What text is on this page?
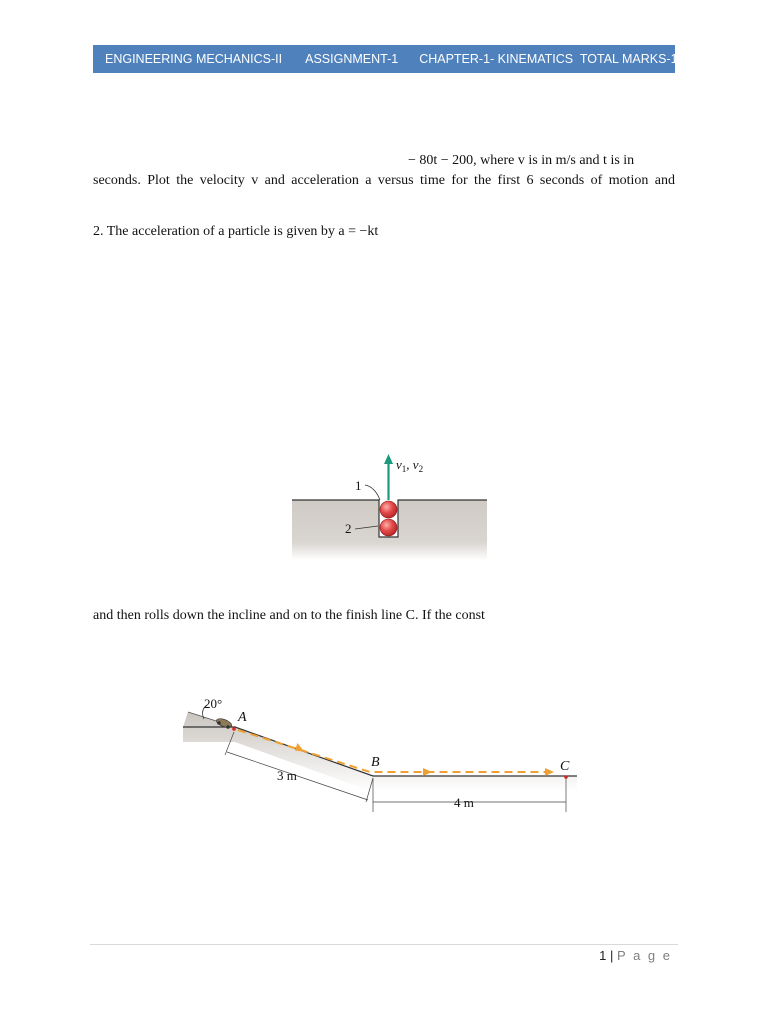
ENGINEERING MECHANICS-II ASSIGNMENT-1 CHAPTER-1- KINEMATICS  TOTAL MARKS-100
− 80t − 200, where v is in m/s and t is in
seconds. Plot the velocity v and acceleration a versus time for the first 6 seconds of motion and
2. The acceleration of a particle is given by a = −kt
$v_1$, $v_2$
1
2
and then rolls down the incline and on to the finish line C. If the const
20°
A
B	C
3 m
4 m
1 | P a g e
